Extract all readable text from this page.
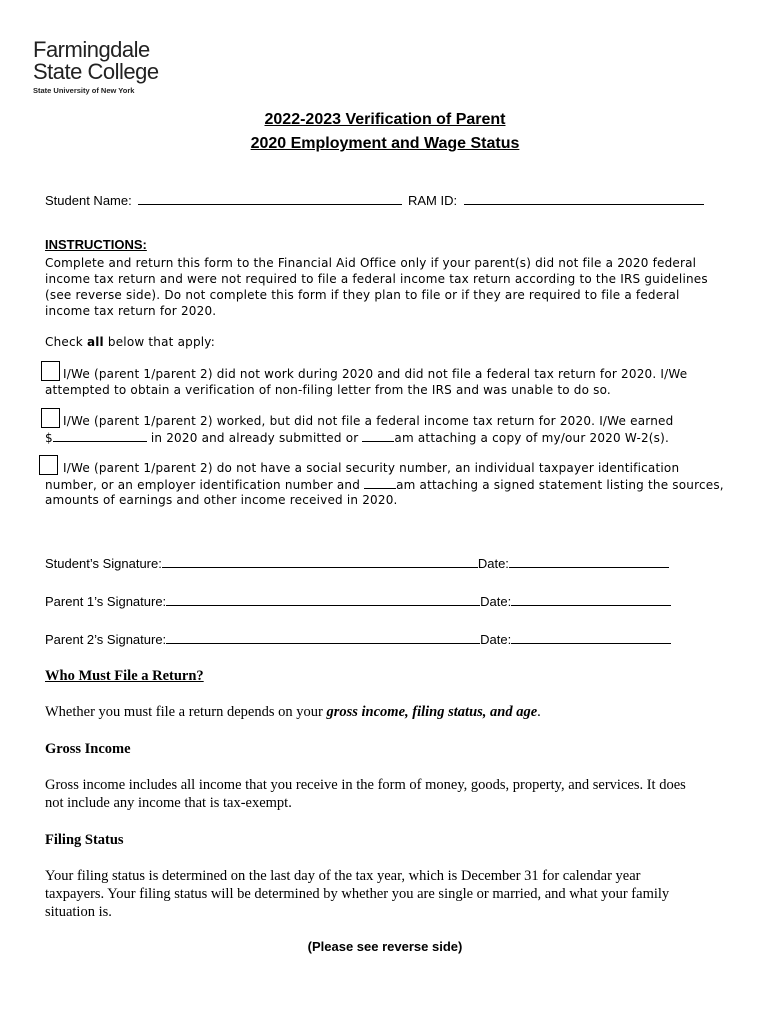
Farmingdale
State College
State University of New York
2022-2023 Verification of Parent
2020 Employment and Wage Status
Student Name:	RAM ID:
INSTRUCTIONS:
Complete and return this form to the Financial Aid Office only if your parent(s) did not file a 2020 federal
income tax return and were not required to file a federal income tax return according to the IRS guidelines
(see reverse side). Do not complete this form if they plan to file or if they are required to file a federal
income tax return for 2020.
Check all below that apply:
I/We (parent 1/parent 2) did not work during 2020 and did not file a federal tax return for 2020. I/We
attempted to obtain a verification of non-filing letter from the IRS and was unable to do so.
I/We (parent 1/parent 2) worked, but did not file a federal income tax return for 2020. I/We earned
$	in 2020 and already submitted or	am attaching a copy of my/our 2020 W-2(s).
I/We (parent 1/parent 2) do not have a social security number, an individual taxpayer identification
number, or an employer identification number and	am attaching a signed statement listing the sources,
amounts of earnings and other income received in 2020.
Student’s Signature:	Date:
Parent 1’s Signature:	Date:
Parent 2’s Signature:	Date:
Who Must File a Return?
Whether you must file a return depends on your gross income, filing status, and age.
Gross Income
Gross income includes all income that you receive in the form of money, goods, property, and services. It does
not include any income that is tax-exempt.
Filing Status
Your filing status is determined on the last day of the tax year, which is December 31 for calendar year
taxpayers. Your filing status will be determined by whether you are single or married, and what your family
situation is.
(Please see reverse side)
